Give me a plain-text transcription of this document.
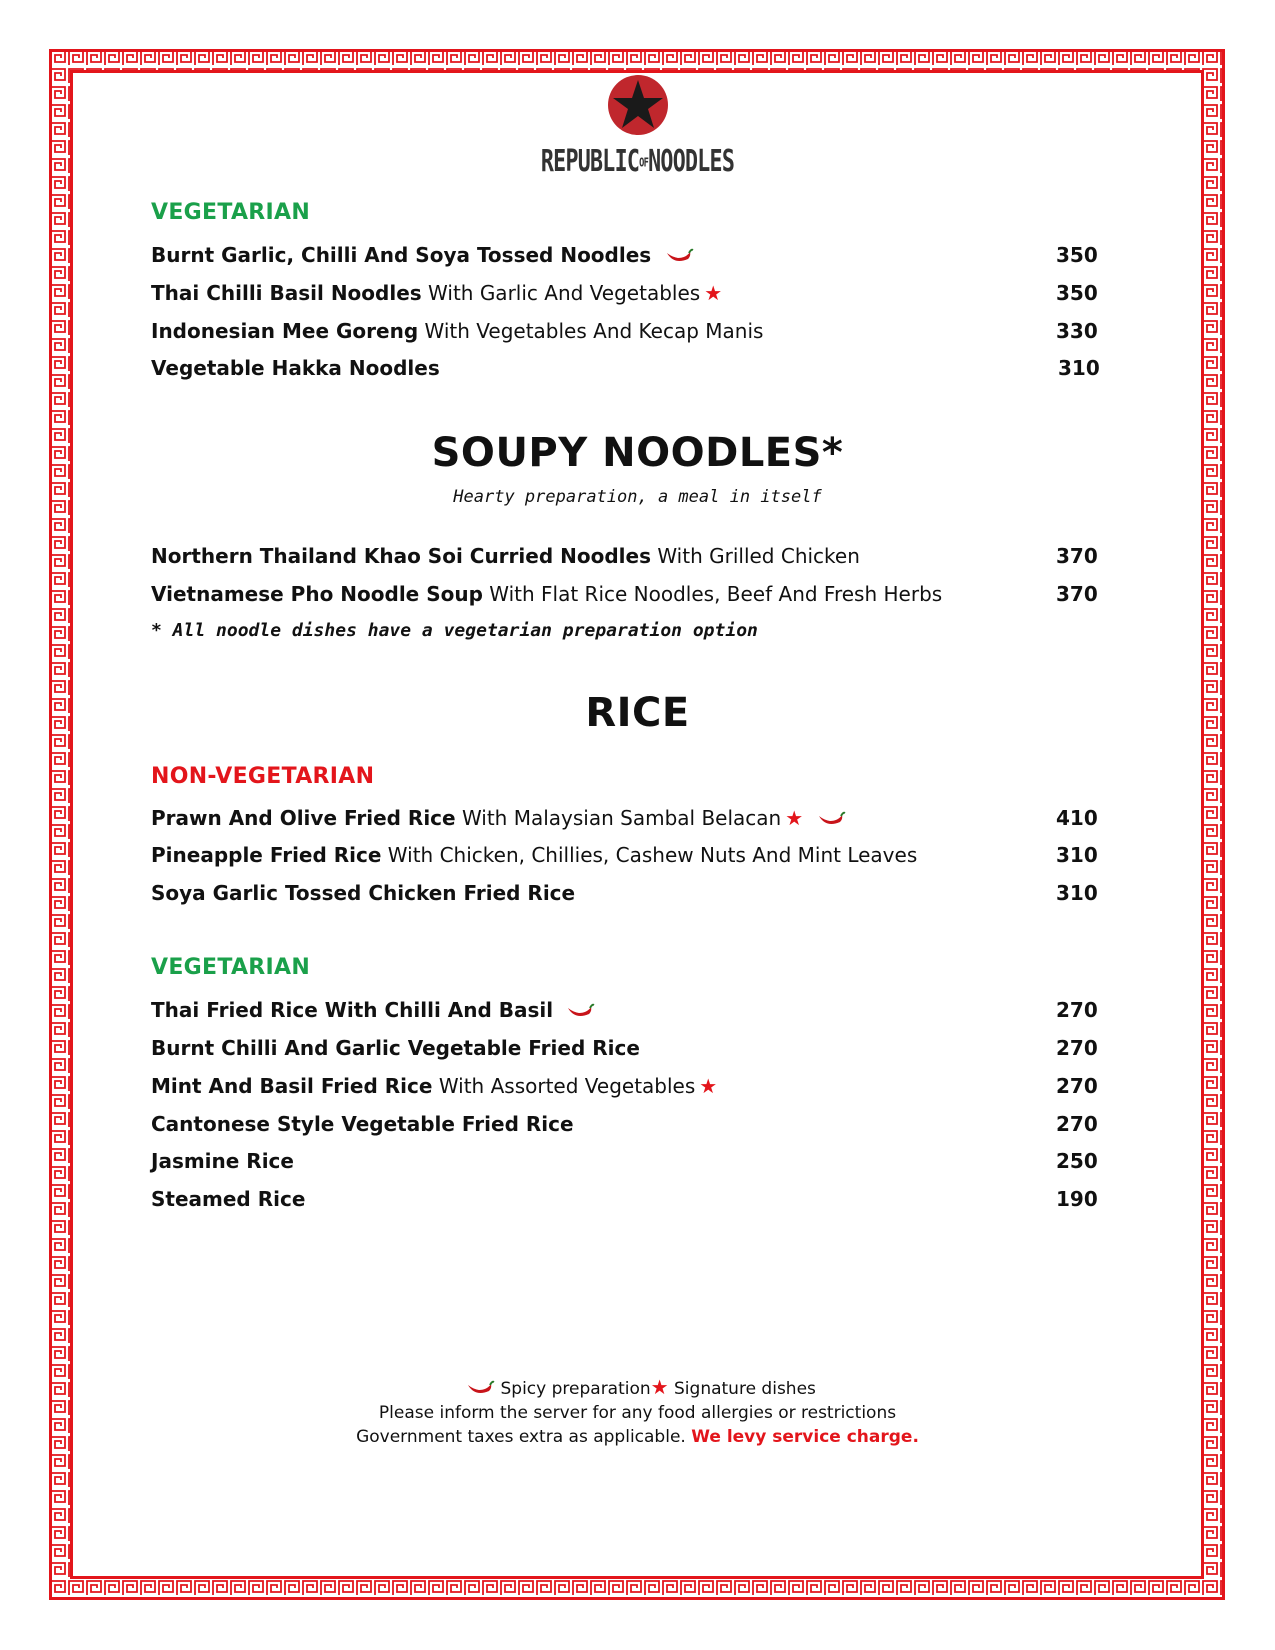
REPUBLICOFNOODLES
VEGETARIAN
Burnt Garlic, Chilli And Soya Tossed Noodles	350
Thai Chilli Basil Noodles With Garlic And Vegetables ★	350
Indonesian Mee Goreng With Vegetables And Kecap Manis	330
Vegetable Hakka Noodles	310
SOUPY NOODLES*
Hearty preparation, a meal in itself
Northern Thailand Khao Soi Curried Noodles With Grilled Chicken	370
Vietnamese Pho Noodle Soup With Flat Rice Noodles, Beef And Fresh Herbs	370
* All noodle dishes have a vegetarian preparation option
RICE
NON-VEGETARIAN
Prawn And Olive Fried Rice With Malaysian Sambal Belacan ★	410
Pineapple Fried Rice With Chicken, Chillies, Cashew Nuts And Mint Leaves	310
Soya Garlic Tossed Chicken Fried Rice	310
VEGETARIAN
Thai Fried Rice With Chilli And Basil	270
Burnt Chilli And Garlic Vegetable Fried Rice	270
Mint And Basil Fried Rice With Assorted Vegetables ★	270
Cantonese Style Vegetable Fried Rice	270
Jasmine Rice	250
Steamed Rice	190
Spicy preparation★ Signature dishes
Please inform the server for any food allergies or restrictions
Government taxes extra as applicable. We levy service charge.
